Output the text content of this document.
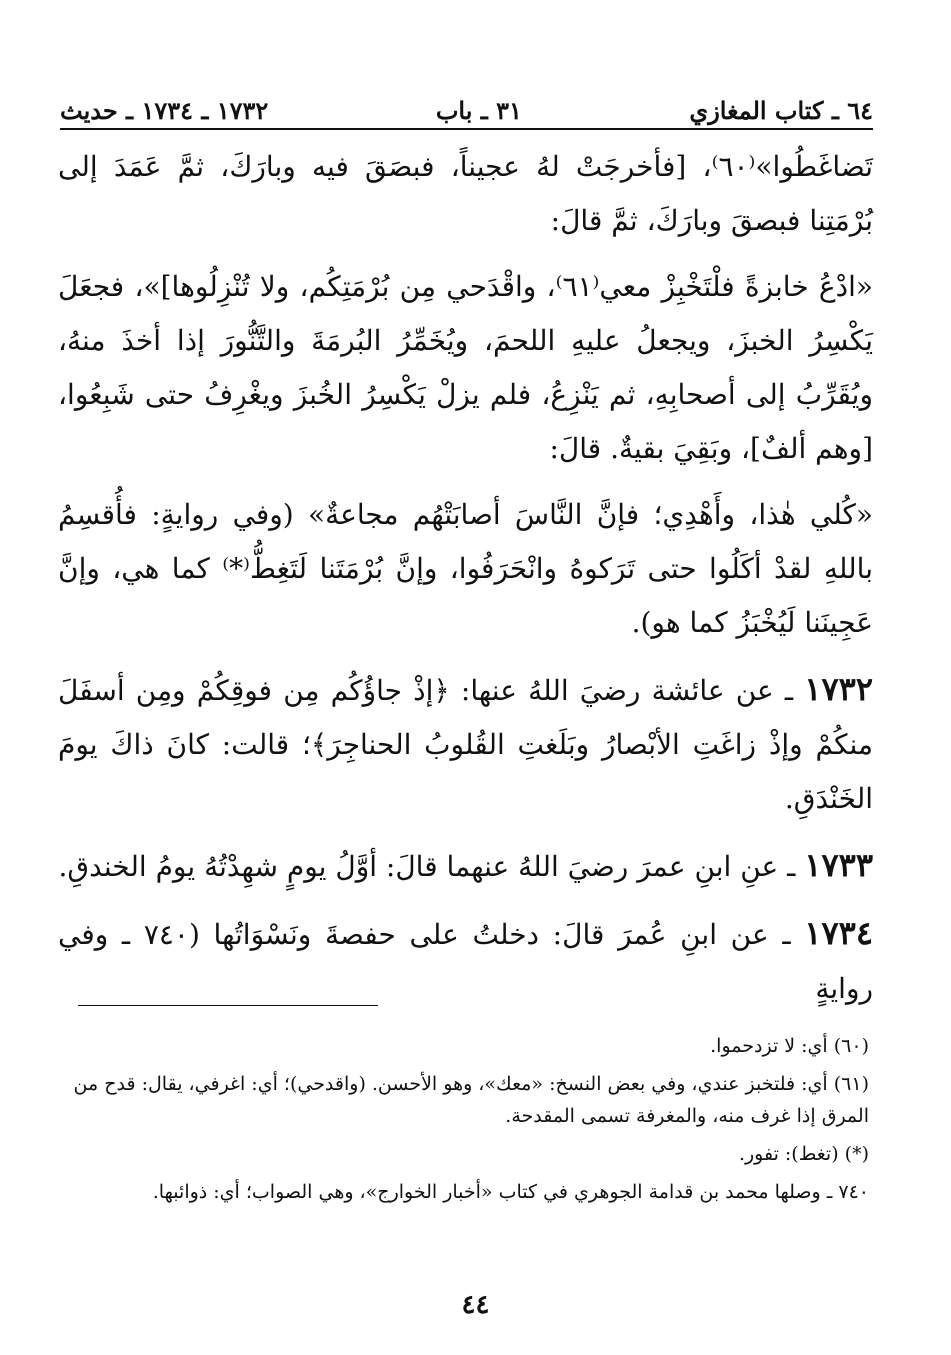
٦٤ ـ كتاب المغازي
٣١ ـ باب
١٧٣٢ ـ ١٧٣٤ ـ حديث

تَضاغَطُوا»⁽٦٠⁾، [فأخرجَتْ لهُ عجيناً، فبصَقَ فيه وبارَكَ، ثمَّ عَمَدَ إلى بُرْمَتِنا فبصقَ وبارَكَ، ثمَّ قالَ:

«ادْعُ خابزةً فلْتَخْبِزْ معي⁽٦١⁾، واقْدَحي مِن بُرْمَتِكُم، ولا تُنْزِلُوها]»، فجعَلَ يَكْسِرُ الخبزَ، ويجعلُ عليهِ اللحمَ، ويُخَمِّرُ البُرمَةَ والتَّنُّورَ إذا أخذَ منهُ، ويُقَرِّبُ إلى أصحابِهِ، ثم يَنْزِعُ، فلم يزلْ يَكْسِرُ الخُبزَ ويغْرِفُ حتى شَبِعُوا، [وهم ألفٌ]، وبَقِيَ بقيةٌ. قالَ:

«كُلي هٰذا، وأَهْدِي؛ فإنَّ النَّاسَ أصابَتْهُم مجاعةٌ» (وفي روايةٍ: فأُقسِمُ باللهِ لقدْ أكَلُوا حتى تَرَكوهُ وانْحَرَفُوا، وإنَّ بُرْمَتَنا لَتَغِطُّ⁽*⁾ كما هي، وإنَّ عَجِينَنا لَيُخْبَزُ كما هو).

١٧٣٢ ـ عن عائشة رضيَ اللهُ عنها: ﴿إذْ جاؤُكُم مِن فوقِكُمْ ومِن أسفَلَ منكُمْ وإذْ زاغَتِ الأبْصارُ وبَلَغتِ القُلوبُ الحناجِرَ﴾؛ قالت: كانَ ذاكَ يومَ الخَنْدَقِ.

١٧٣٣ ـ عنِ ابنِ عمرَ رضيَ اللهُ عنهما قالَ: أوَّلُ يومٍ شهِدْتُهُ يومُ الخندقِ.

١٧٣٤ ـ عن ابنِ عُمرَ قالَ: دخلتُ على حفصةَ ونَسْوَاتُها (٧٤٠ ـ وفي روايةٍ

(٦٠) أي: لا تزدحموا.

(٦١) أي: فلتخبز عندي، وفي بعض النسخ: «معك»، وهو الأحسن. (واقدحي)؛ أي: اغرفي، يقال: قدح من المرق إذا غرف منه، والمغرفة تسمى المقدحة.

(*) (تغط): تفور.

٧٤٠ ـ وصلها محمد بن قدامة الجوهري في كتاب «أخبار الخوارج»، وهي الصواب؛ أي: ذوائبها.

٤٤
